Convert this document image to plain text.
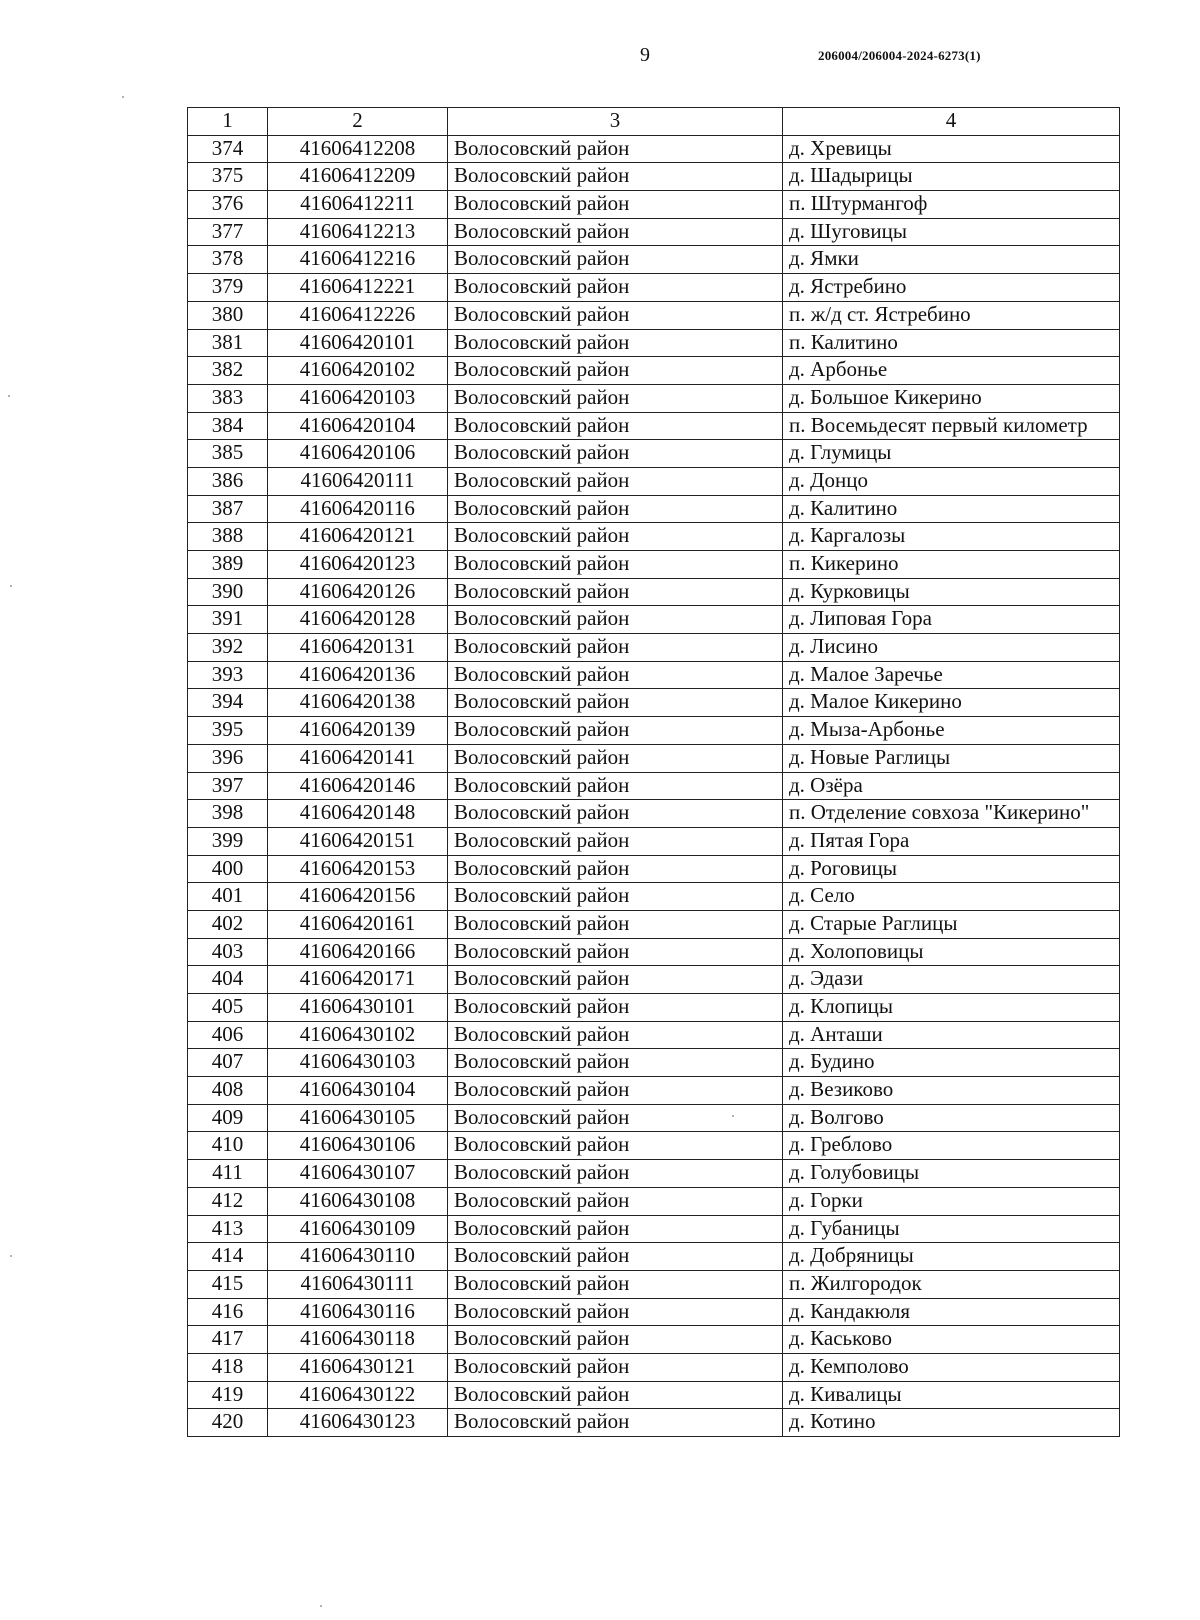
9	206004/206004-2024-6273(1)
1	2	3	4
374	41606412208	Волосовский район	д. Хревицы
375	41606412209	Волосовский район	д. Шадырицы
376	41606412211	Волосовский район	п. Штурмангоф
377	41606412213	Волосовский район	д. Шуговицы
378	41606412216	Волосовский район	д. Ямки
379	41606412221	Волосовский район	д. Ястребино
380	41606412226	Волосовский район	п. ж/д ст. Ястребино
381	41606420101	Волосовский район	п. Калитино
382	41606420102	Волосовский район	д. Арбонье
383	41606420103	Волосовский район	д. Большое Кикерино
384	41606420104	Волосовский район	п. Восемьдесят первый километр
385	41606420106	Волосовский район	д. Глумицы
386	41606420111	Волосовский район	д. Донцо
387	41606420116	Волосовский район	д. Калитино
388	41606420121	Волосовский район	д. Каргалозы
389	41606420123	Волосовский район	п. Кикерино
390	41606420126	Волосовский район	д. Курковицы
391	41606420128	Волосовский район	д. Липовая Гора
392	41606420131	Волосовский район	д. Лисино
393	41606420136	Волосовский район	д. Малое Заречье
394	41606420138	Волосовский район	д. Малое Кикерино
395	41606420139	Волосовский район	д. Мыза-Арбонье
396	41606420141	Волосовский район	д. Новые Раглицы
397	41606420146	Волосовский район	д. Озёра
398	41606420148	Волосовский район	п. Отделение совхоза "Кикерино"
399	41606420151	Волосовский район	д. Пятая Гора
400	41606420153	Волосовский район	д. Роговицы
401	41606420156	Волосовский район	д. Село
402	41606420161	Волосовский район	д. Старые Раглицы
403	41606420166	Волосовский район	д. Холоповицы
404	41606420171	Волосовский район	д. Эдази
405	41606430101	Волосовский район	д. Клопицы
406	41606430102	Волосовский район	д. Анташи
407	41606430103	Волосовский район	д. Будино
408	41606430104	Волосовский район	д. Везиково
409	41606430105	Волосовский район	д. Волгово
410	41606430106	Волосовский район	д. Греблово
411	41606430107	Волосовский район	д. Голубовицы
412	41606430108	Волосовский район	д. Горки
413	41606430109	Волосовский район	д. Губаницы
414	41606430110	Волосовский район	д. Добряницы
415	41606430111	Волосовский район	п. Жилгородок
416	41606430116	Волосовский район	д. Кандакюля
417	41606430118	Волосовский район	д. Каськово
418	41606430121	Волосовский район	д. Кемполово
419	41606430122	Волосовский район	д. Кивалицы
420	41606430123	Волосовский район	д. Котино
